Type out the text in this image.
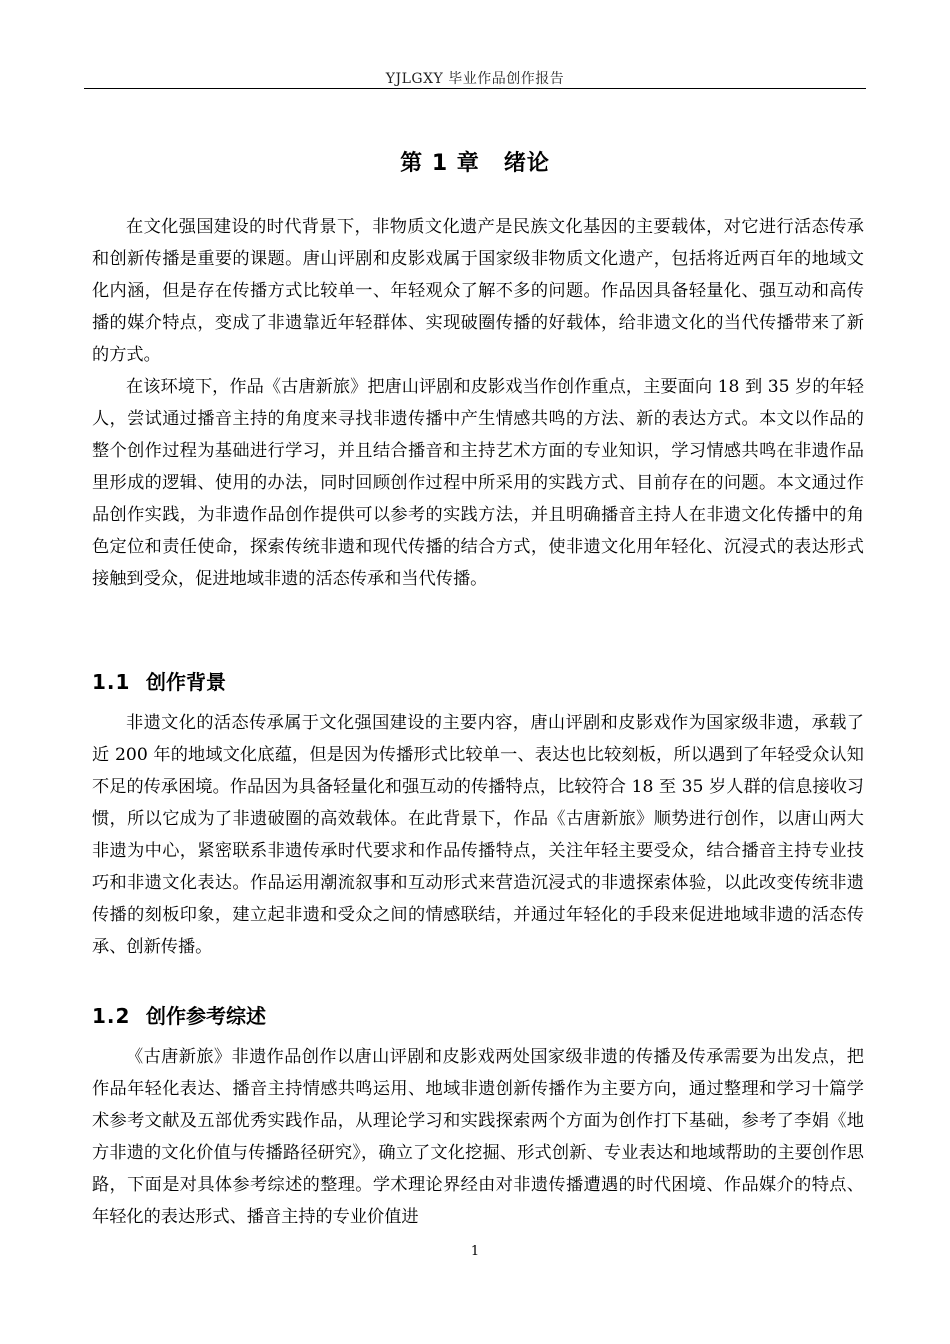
YJLGXY 毕业作品创作报告
第 1 章 绪论

在文化强国建设的时代背景下，非物质文化遗产是民族文化基因的主要载体，对它进行活态传承和创新传播是重要的课题。唐山评剧和皮影戏属于国家级非物质文化遗产，包括将近两百年的地域文化内涵，但是存在传播方式比较单一、年轻观众了解不多的问题。作品因具备轻量化、强互动和高传播的媒介特点，变成了非遗靠近年轻群体、实现破圈传播的好载体，给非遗文化的当代传播带来了新的方式。

在该环境下，作品《古唐新旅》把唐山评剧和皮影戏当作创作重点，主要面向 18 到 35 岁的年轻人，尝试通过播音主持的角度来寻找非遗传播中产生情感共鸣的方法、新的表达方式。本文以作品的整个创作过程为基础进行学习，并且结合播音和主持艺术方面的专业知识，学习情感共鸣在非遗作品里形成的逻辑、使用的办法，同时回顾创作过程中所采用的实践方式、目前存在的问题。本文通过作品创作实践，为非遗作品创作提供可以参考的实践方法，并且明确播音主持人在非遗文化传播中的角色定位和责任使命，探索传统非遗和现代传播的结合方式，使非遗文化用年轻化、沉浸式的表达形式接触到受众，促进地域非遗的活态传承和当代传播。

1.1 创作背景

非遗文化的活态传承属于文化强国建设的主要内容，唐山评剧和皮影戏作为国家级非遗，承载了近 200 年的地域文化底蕴，但是因为传播形式比较单一、表达也比较刻板，所以遇到了年轻受众认知不足的传承困境。作品因为具备轻量化和强互动的传播特点，比较符合 18 至 35 岁人群的信息接收习惯，所以它成为了非遗破圈的高效载体。在此背景下，作品《古唐新旅》顺势进行创作，以唐山两大非遗为中心，紧密联系非遗传承时代要求和作品传播特点，关注年轻主要受众，结合播音主持专业技巧和非遗文化表达。作品运用潮流叙事和互动形式来营造沉浸式的非遗探索体验，以此改变传统非遗传播的刻板印象，建立起非遗和受众之间的情感联结，并通过年轻化的手段来促进地域非遗的活态传承、创新传播。

1.2 创作参考综述

《古唐新旅》非遗作品创作以唐山评剧和皮影戏两处国家级非遗的传播及传承需要为出发点，把作品年轻化表达、播音主持情感共鸣运用、地域非遗创新传播作为主要方向，通过整理和学习十篇学术参考文献及五部优秀实践作品，从理论学习和实践探索两个方面为创作打下基础，参考了李娟《地方非遗的文化价值与传播路径研究》，确立了文化挖掘、形式创新、专业表达和地域帮助的主要创作思路，下面是对具体参考综述的整理。学术理论界经由对非遗传播遭遇的时代困境、作品媒介的特点、年轻化的表达形式、播音主持的专业价值进

1
